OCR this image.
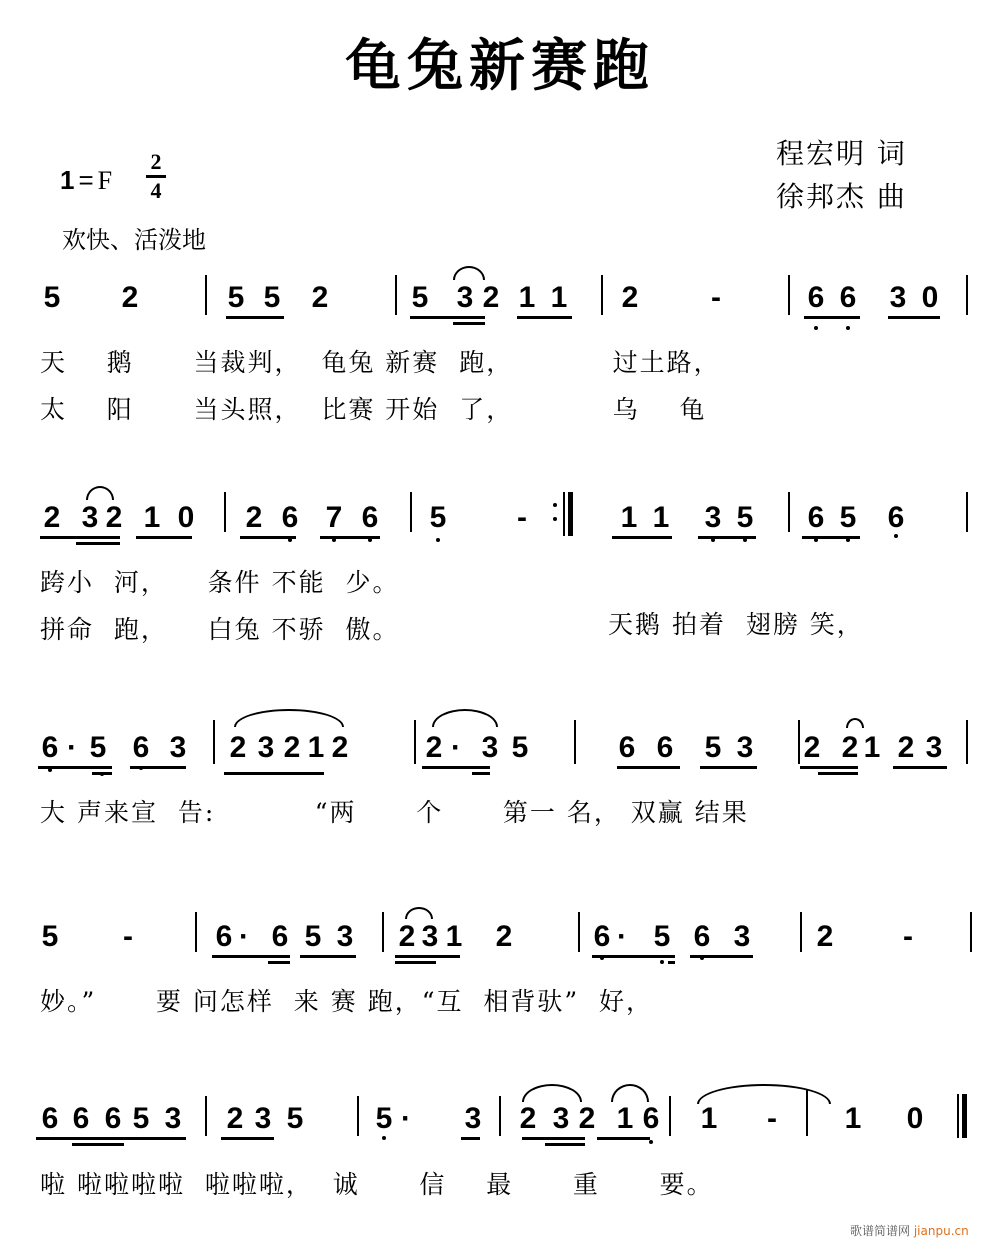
龟兔新赛跑
1 = F
2
4
欢快、活泼地
程宏明 词
徐邦杰 曲
5 2	5 5 2	5 3 2 1 1 2 -	6 6 3 0
2 3 2 1 0 2 6 7 6 5 -	1 1 3 5 6 5 6
6 · 5 6 3 2 3 2 1 2	2 · 3 5	6 6 5 3 2 2 1 2 3
5 -	6 · 6 5 3 2 3 1 2	6 · 5 6 3 2 -
6 6 6 5 3 2 3 5 5 · 3 2 3 2 1 6 1 - 1 0
天    鹅      当裁判，  龟兔 新赛  跑，          过土路，
太    阳      当头照，  比赛 开始  了，          乌    龟
跨小  河，    条件 不能  少。
拼命  跑，    白兔 不骄  傲。	天鹅 拍着  翅膀 笑，
大 声来宣  告:          “两      个      第一 名， 双赢 结果
妙。”      要 问怎样  来 赛 跑，“互  相背驮”  好，
啦 啦啦啦啦  啦啦啦，  诚      信    最      重      要。
歌谱简谱网 jianpu.cn
